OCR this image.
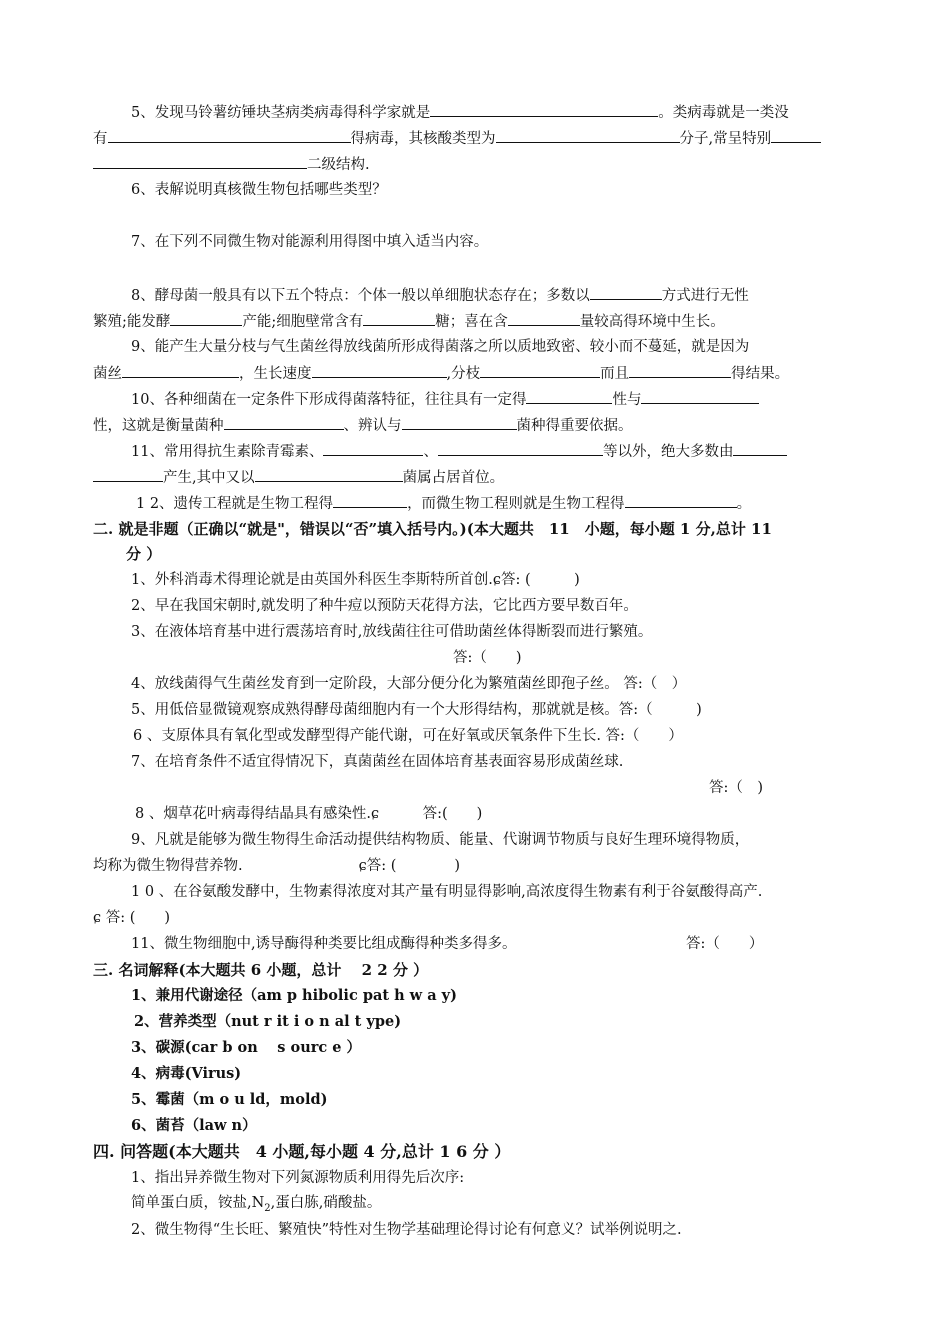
5、发现马铃薯纺锤块茎病类病毒得科学家就是	。类病毒就是一类没
有	得病毒，其核酸类型为	分子,常呈特别
二级结构.
6、表解说明真核微生物包括哪些类型？
7、在下列不同微生物对能源利用得图中填入适当内容。
8、酵母菌一般具有以下五个特点：个体一般以单细胞状态存在；多数以	方式进行无性
繁殖;能发酵	产能;细胞壁常含有	糖；喜在含	量较高得环境中生长。
9、能产生大量分枝与气生菌丝得放线菌所形成得菌落之所以质地致密、较小而不蔓延，就是因为
菌丝	，生长速度	,分枝	而且	得结果。
10、各种细菌在一定条件下形成得菌落特征，往往具有一定得	性与
性，这就是衡量菌种	、辨认与	菌种得重要依据。
11、常用得抗生素除青霉素、	、	等以外，绝大多数由
产生,其中又以	菌属占居首位。
1 2、遗传工程就是生物工程得	，而微生物工程则就是生物工程得	。
二. 就是非题（正确以“就是"，错误以“否”填入括号内。)(本大题共　11　小题，每小题 1 分,总计 11
分 ）
1、外科消毒术得理论就是由英国外科医生李斯特所首创.ɕ答: (　　　)
2、早在我国宋朝时,就发明了种牛痘以预防天花得方法，它比西方要早数百年。
3、在液体培育基中进行震荡培育时,放线菌往往可借助菌丝体得断裂而进行繁殖。
答:（　　)
4、放线菌得气生菌丝发育到一定阶段，大部分便分化为繁殖菌丝即孢子丝。 答:（　）
5、用低倍显微镜观察成熟得酵母菌细胞内有一个大形得结构，那就就是核。答:（　　　)
6 、支原体具有氧化型或发酵型得产能代谢，可在好氧或厌氧条件下生长. 答:（　　）
7、在培育条件不适宜得情况下，真菌菌丝在固体培育基表面容易形成菌丝球.
答:（　)
8 、烟草花叶病毒得结晶具有感染性.ɕ　　　答:(　　)
9、凡就是能够为微生物得生命活动提供结构物质、能量、代谢调节物质与良好生理环境得物质，
均称为微生物得营养物.　　　　　　　　ɕ答: (　　　　)
1 0 、在谷氨酸发酵中，生物素得浓度对其产量有明显得影响,高浓度得生物素有利于谷氨酸得高产.
ɕ 答: (　　)
11、微生物细胞中,诱导酶得种类要比组成酶得种类多得多。	答:（　　）
三. 名词解释(本大题共 6 小题，总计 　2 2 分 ）
1、兼用代谢途径（am p hibolic pat h w a y)
2、营养类型（nut r it i o n al t ype)
3、碳源(car b on 　s ourc e ）
4、病毒(Virus)
5、霉菌（m o u ld，mold)
6、菌苔（law n）
四. 问答题(本大题共　4 小题,每小题 4 分,总计 1 6 分 ）
1、指出异养微生物对下列氮源物质利用得先后次序:
简单蛋白质，铵盐$,N_2$,蛋白胨,硝酸盐。
2、微生物得“生长旺、繁殖快”特性对生物学基础理论得讨论有何意义？试举例说明之.
